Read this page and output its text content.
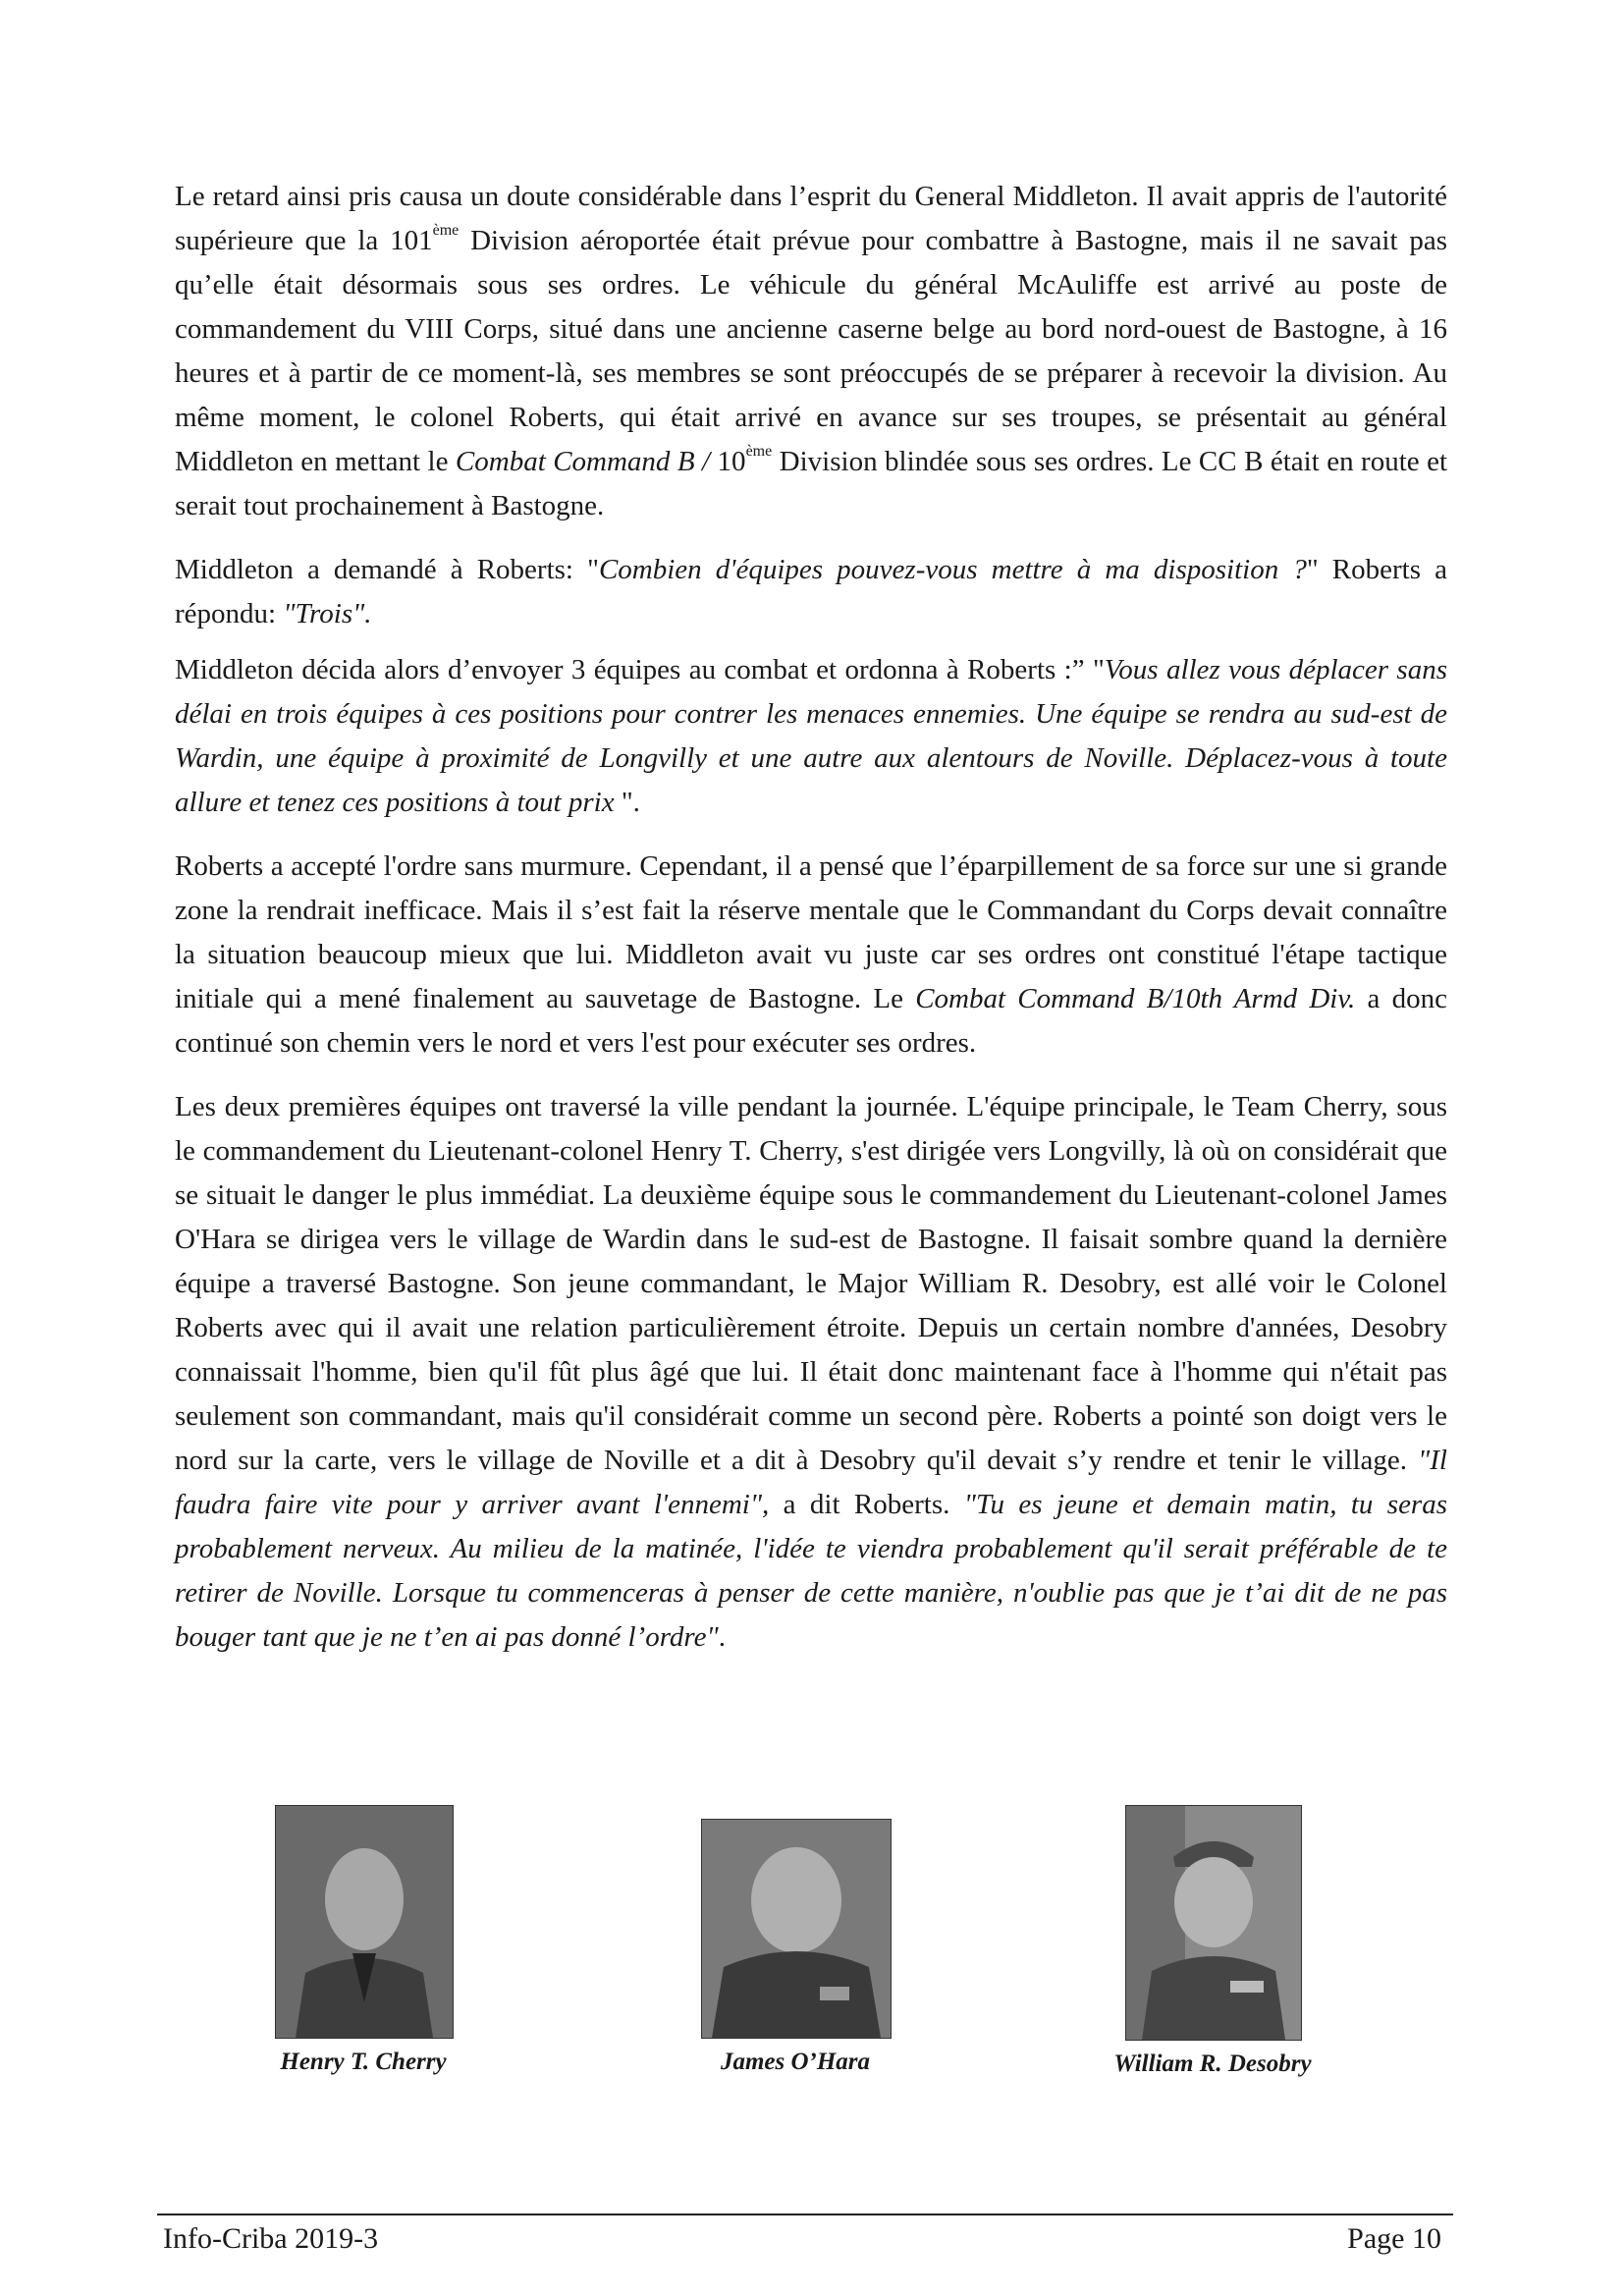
Le retard ainsi pris causa un doute considérable dans l’esprit du General Middleton. Il avait appris de l'autorité supérieure que la 101ème Division aéroportée était prévue pour combattre à Bastogne, mais il ne savait pas qu’elle était désormais sous ses ordres. Le véhicule du général McAuliffe est arrivé au poste de commandement du VIII Corps, situé dans une ancienne caserne belge au bord nord-ouest de Bastogne, à 16 heures et à partir de ce moment-là, ses membres se sont préoccupés de se préparer à recevoir la division. Au même moment, le colonel Roberts, qui était arrivé en avance sur ses troupes, se présentait au général Middleton en mettant le Combat Command B / 10ème Division blindée sous ses ordres. Le CC B était en route et serait tout prochainement à Bastogne.

Middleton a demandé à Roberts: "Combien d'équipes pouvez-vous mettre à ma disposition ?" Roberts a répondu: "Trois".

Middleton décida alors d’envoyer 3 équipes au combat et ordonna à Roberts :” "Vous allez vous déplacer sans délai en trois équipes à ces positions pour contrer les menaces ennemies. Une équipe se rendra au sud-est de Wardin, une équipe à proximité de Longvilly et une autre aux alentours de Noville. Déplacez-vous à toute allure et tenez ces positions à tout prix ".

Roberts a accepté l'ordre sans murmure. Cependant, il a pensé que l’éparpillement de sa force sur une si grande zone la rendrait inefficace. Mais il s’est fait la réserve mentale que le Commandant du Corps devait connaître la situation beaucoup mieux que lui. Middleton avait vu juste car ses ordres ont constitué l'étape tactique initiale qui a mené finalement au sauvetage de Bastogne. Le Combat Command B/10th Armd Div. a donc continué son chemin vers le nord et vers l'est pour exécuter ses ordres.

Les deux premières équipes ont traversé la ville pendant la journée. L'équipe principale, le Team Cherry, sous le commandement du Lieutenant-colonel Henry T. Cherry, s'est dirigée vers Longvilly, là où on considérait que se situait le danger le plus immédiat. La deuxième équipe sous le commandement du Lieutenant-colonel James O'Hara se dirigea vers le village de Wardin dans le sud-est de Bastogne. Il faisait sombre quand la dernière équipe a traversé Bastogne. Son jeune commandant, le Major William R. Desobry, est allé voir le Colonel Roberts avec qui il avait une relation particulièrement étroite. Depuis un certain nombre d'années, Desobry connaissait l'homme, bien qu'il fût plus âgé que lui. Il était donc maintenant face à l'homme qui n'était pas seulement son commandant, mais qu'il considérait comme un second père. Roberts a pointé son doigt vers le nord sur la carte, vers le village de Noville et a dit à Desobry qu'il devait s’y rendre et tenir le village. "Il faudra faire vite pour y arriver avant l'ennemi", a dit Roberts. "Tu es jeune et demain matin, tu seras probablement nerveux. Au milieu de la matinée, l'idée te viendra probablement qu'il serait préférable de te retirer de Noville. Lorsque tu commenceras à penser de cette manière, n'oublie pas que je t’ai dit de ne pas bouger tant que je ne t’en ai pas donné l’ordre".

Henry T. Cherry	James O’Hara	William R. Desobry
Info-Criba 2019-3	Page 10
